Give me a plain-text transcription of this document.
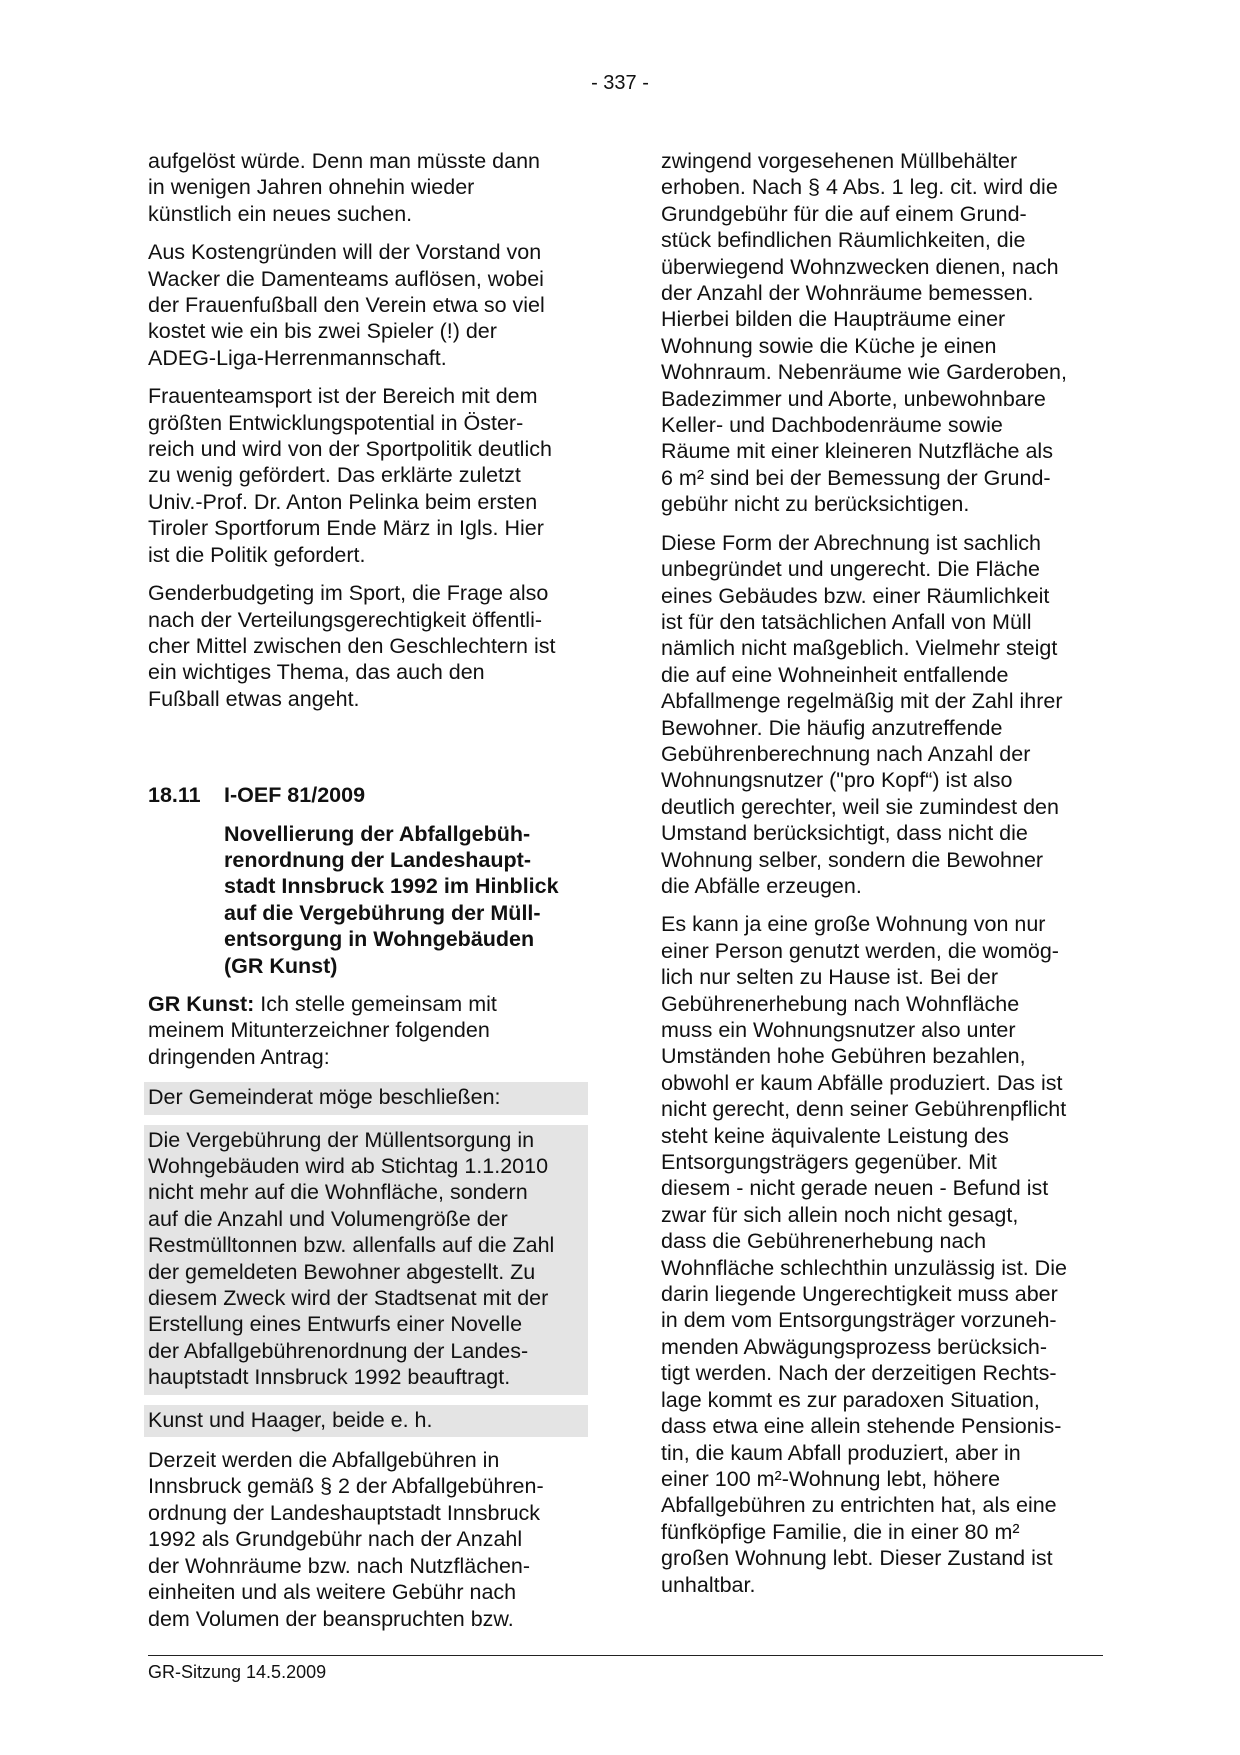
- 337 -
aufgelöst würde. Denn man müsste dann
in wenigen Jahren ohnehin wieder
künstlich ein neues suchen.
Aus Kostengründen will der Vorstand von
Wacker die Damenteams auflösen, wobei
der Frauenfußball den Verein etwa so viel
kostet wie ein bis zwei Spieler (!) der
ADEG-Liga-Herrenmannschaft.
Frauenteamsport ist der Bereich mit dem
größten Entwicklungspotential in Öster-
reich und wird von der Sportpolitik deutlich
zu wenig gefördert. Das erklärte zuletzt
Univ.-Prof. Dr. Anton Pelinka beim ersten
Tiroler Sportforum Ende März in Igls. Hier
ist die Politik gefordert.
Genderbudgeting im Sport, die Frage also
nach der Verteilungsgerechtigkeit öffentli-
cher Mittel zwischen den Geschlechtern ist
ein wichtiges Thema, das auch den
Fußball etwas angeht.
18.11	I-OEF 81/2009
Novellierung der Abfallgebüh-
renordnung der Landeshaupt-
stadt Innsbruck 1992 im Hinblick
auf die Vergebührung der Müll-
entsorgung in Wohngebäuden
(GR Kunst)
GR Kunst: Ich stelle gemeinsam mit
meinem Mitunterzeichner folgenden
dringenden Antrag:
Der Gemeinderat möge beschließen:
Die Vergebührung der Müllentsorgung in
Wohngebäuden wird ab Stichtag 1.1.2010
nicht mehr auf die Wohnfläche, sondern
auf die Anzahl und Volumengröße der
Restmülltonnen bzw. allenfalls auf die Zahl
der gemeldeten Bewohner abgestellt. Zu
diesem Zweck wird der Stadtsenat mit der
Erstellung eines Entwurfs einer Novelle
der Abfallgebührenordnung der Landes-
hauptstadt Innsbruck 1992 beauftragt.
Kunst und Haager, beide e. h.
Derzeit werden die Abfallgebühren in
Innsbruck gemäß § 2 der Abfallgebühren-
ordnung der Landeshauptstadt Innsbruck
1992 als Grundgebühr nach der Anzahl
der Wohnräume bzw. nach Nutzflächen-
einheiten und als weitere Gebühr nach
dem Volumen der beanspruchten bzw.
zwingend vorgesehenen Müllbehälter
erhoben. Nach § 4 Abs. 1 leg. cit. wird die
Grundgebühr für die auf einem Grund-
stück befindlichen Räumlichkeiten, die
überwiegend Wohnzwecken dienen, nach
der Anzahl der Wohnräume bemessen.
Hierbei bilden die Haupträume einer
Wohnung sowie die Küche je einen
Wohnraum. Nebenräume wie Garderoben,
Badezimmer und Aborte, unbewohnbare
Keller- und Dachbodenräume sowie
Räume mit einer kleineren Nutzfläche als
6 m² sind bei der Bemessung der Grund-
gebühr nicht zu berücksichtigen.
Diese Form der Abrechnung ist sachlich
unbegründet und ungerecht. Die Fläche
eines Gebäudes bzw. einer Räumlichkeit
ist für den tatsächlichen Anfall von Müll
nämlich nicht maßgeblich. Vielmehr steigt
die auf eine Wohneinheit entfallende
Abfallmenge regelmäßig mit der Zahl ihrer
Bewohner. Die häufig anzutreffende
Gebührenberechnung nach Anzahl der
Wohnungsnutzer ("pro Kopf“) ist also
deutlich gerechter, weil sie zumindest den
Umstand berücksichtigt, dass nicht die
Wohnung selber, sondern die Bewohner
die Abfälle erzeugen.
Es kann ja eine große Wohnung von nur
einer Person genutzt werden, die womög-
lich nur selten zu Hause ist. Bei der
Gebührenerhebung nach Wohnfläche
muss ein Wohnungsnutzer also unter
Umständen hohe Gebühren bezahlen,
obwohl er kaum Abfälle produziert. Das ist
nicht gerecht, denn seiner Gebührenpflicht
steht keine äquivalente Leistung des
Entsorgungsträgers gegenüber. Mit
diesem - nicht gerade neuen - Befund ist
zwar für sich allein noch nicht gesagt,
dass die Gebührenerhebung nach
Wohnfläche schlechthin unzulässig ist. Die
darin liegende Ungerechtigkeit muss aber
in dem vom Entsorgungsträger vorzuneh-
menden Abwägungsprozess berücksich-
tigt werden. Nach der derzeitigen Rechts-
lage kommt es zur paradoxen Situation,
dass etwa eine allein stehende Pensionis-
tin, die kaum Abfall produziert, aber in
einer 100 m²-Wohnung lebt, höhere
Abfallgebühren zu entrichten hat, als eine
fünfköpfige Familie, die in einer 80 m²
großen Wohnung lebt. Dieser Zustand ist
unhaltbar.
GR-Sitzung 14.5.2009
